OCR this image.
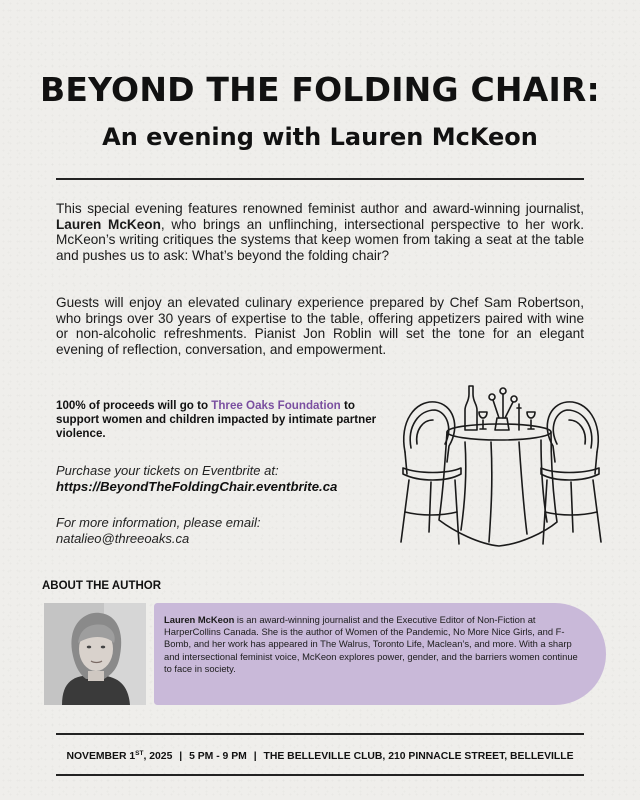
BEYOND THE FOLDING CHAIR:
An evening with Lauren McKeon

This special evening features renowned feminist author and award-winning journalist, Lauren McKeon, who brings an unflinching, intersectional perspective to her work. McKeon’s writing critiques the systems that keep women from taking a seat at the table and pushes us to ask: What’s beyond the folding chair?

Guests will enjoy an elevated culinary experience prepared by Chef Sam Robertson, who brings over 30 years of expertise to the table, offering appetizers paired with wine or non-alcoholic refreshments. Pianist Jon Roblin will set the tone for an elegant evening of reflection, conversation, and empowerment.

100% of proceeds will go to Three Oaks Foundation to support women and children impacted by intimate partner violence.

Purchase your tickets on Eventbrite at:
https://BeyondTheFoldingChair.eventbrite.ca
For more information, please email:
natalieo@threeoaks.ca
ABOUT THE AUTHOR

Lauren McKeon is an award-winning journalist and the Executive Editor of Non-Fiction at HarperCollins Canada. She is the author of Women of the Pandemic, No More Nice Girls, and F-Bomb, and her work has appeared in The Walrus, Toronto Life, Maclean’s, and more. With a sharp and intersectional feminist voice, McKeon explores power, gender, and the barriers women continue to face in society.

NOVEMBER 1ST, 2025 | 5 PM - 9 PM | THE BELLEVILLE CLUB, 210 PINNACLE STREET, BELLEVILLE
